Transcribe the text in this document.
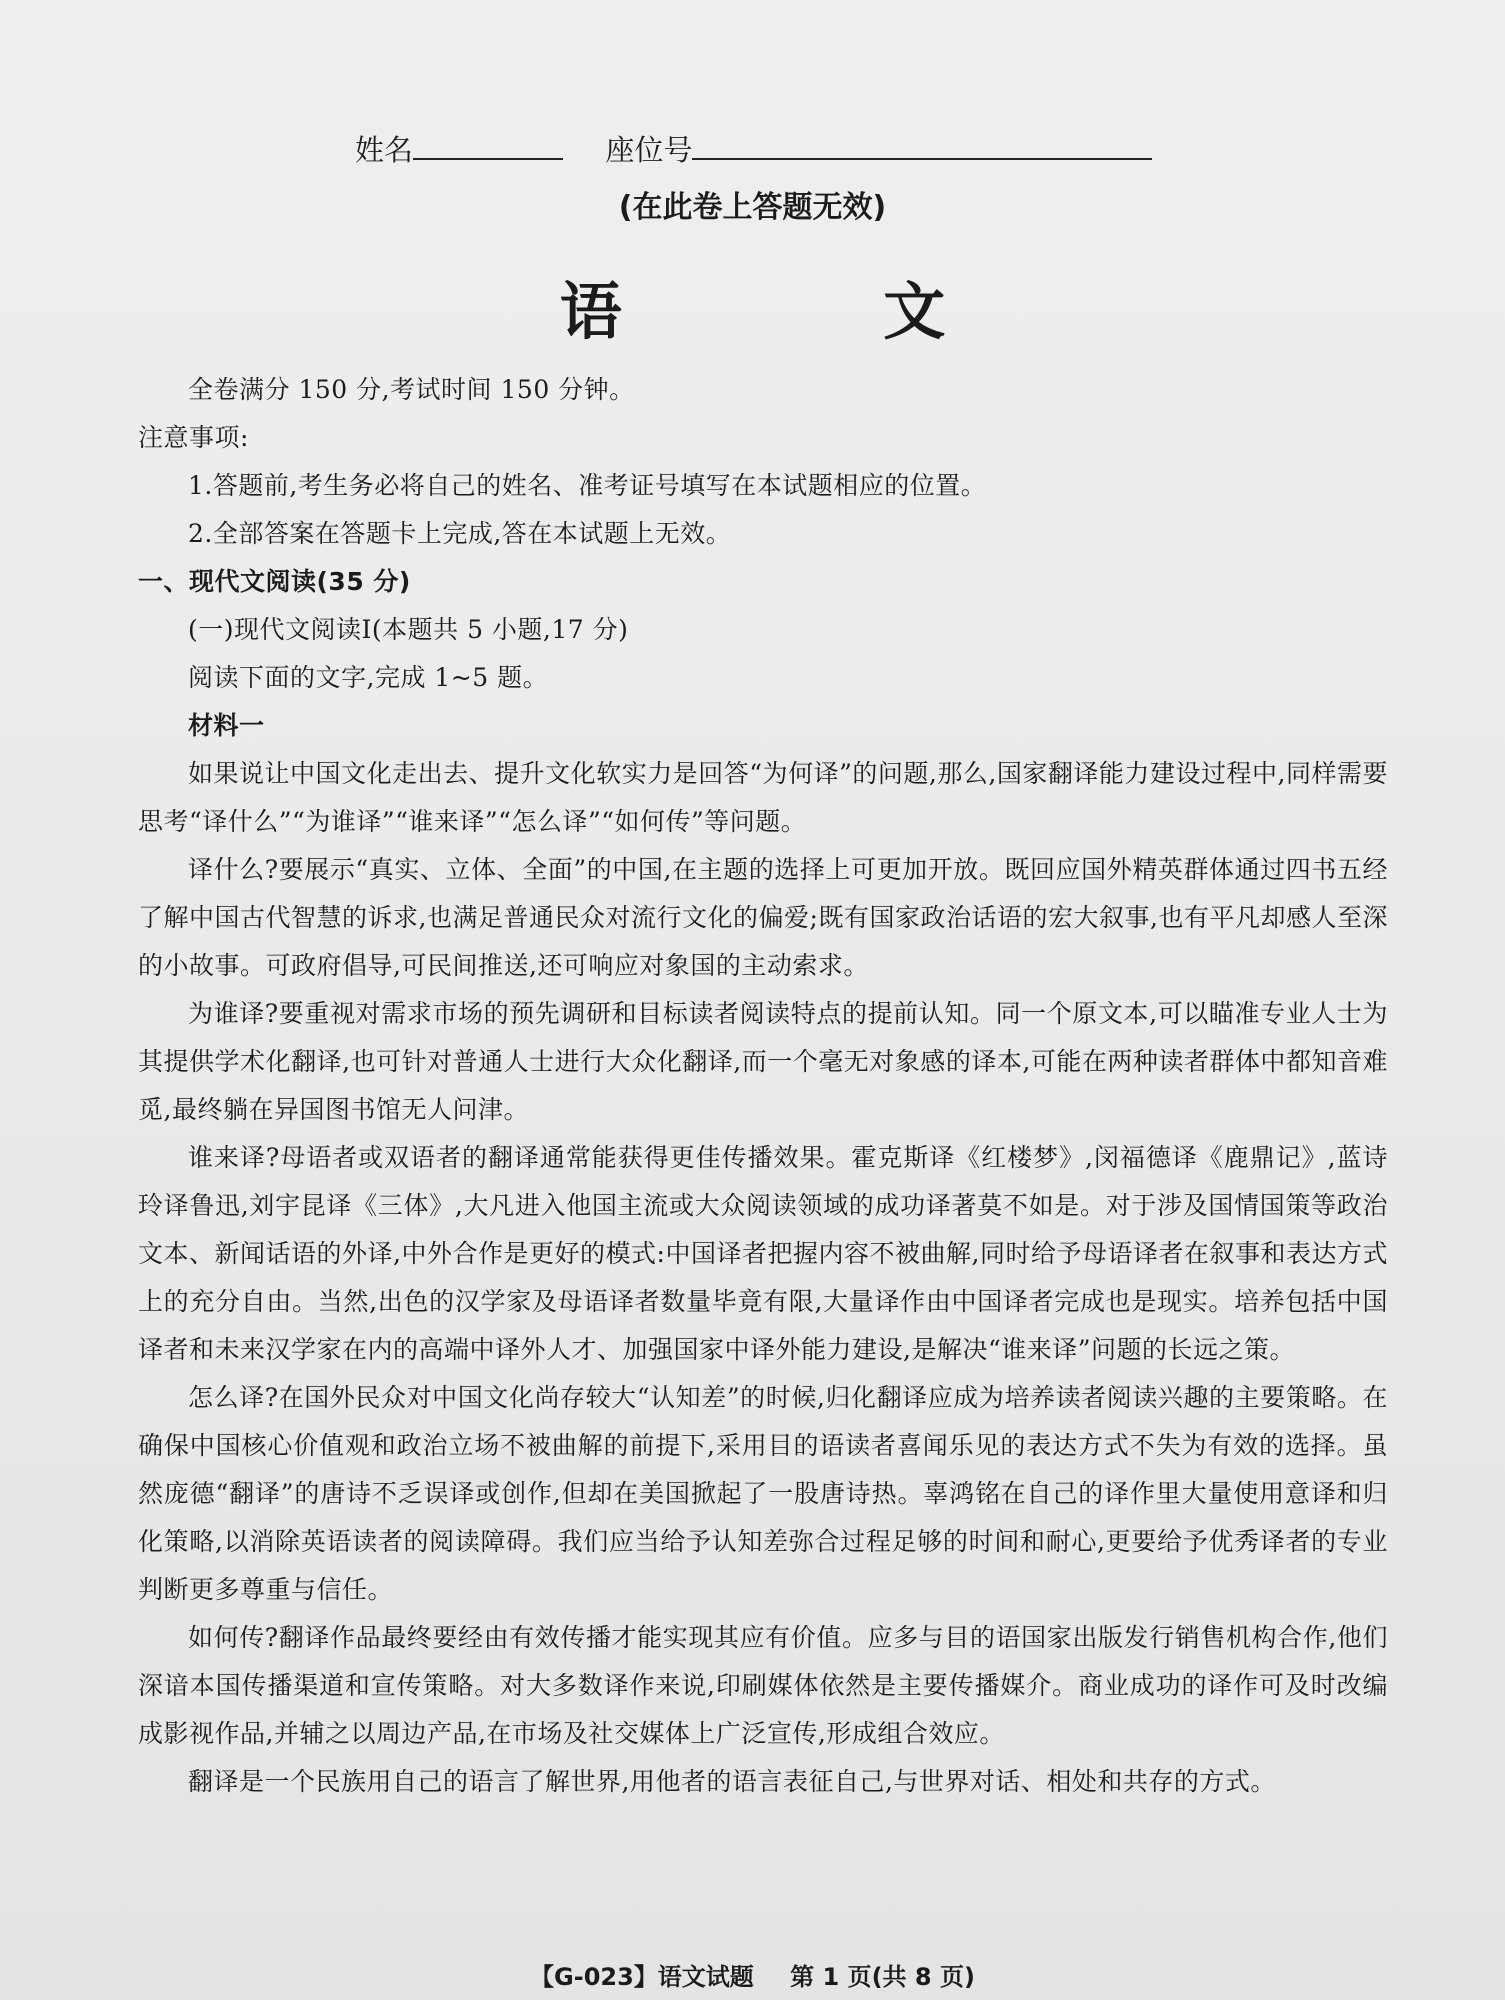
姓名	座位号
(在此卷上答题无效)
语 文

全卷满分 150 分,考试时间 150 分钟。

注意事项:

1.答题前,考生务必将自己的姓名、准考证号填写在本试题相应的位置。

2.全部答案在答题卡上完成,答在本试题上无效。

一、现代文阅读(35 分)

(一)现代文阅读Ⅰ(本题共 5 小题,17 分)

阅读下面的文字,完成 1~5 题。

材料一

如果说让中国文化走出去、提升文化软实力是回答“为何译”的问题,那么,国家翻译能力建设过程中,同样需要思考“译什么”“为谁译”“谁来译”“怎么译”“如何传”等问题。

译什么?要展示“真实、立体、全面”的中国,在主题的选择上可更加开放。既回应国外精英群体通过四书五经了解中国古代智慧的诉求,也满足普通民众对流行文化的偏爱;既有国家政治话语的宏大叙事,也有平凡却感人至深的小故事。可政府倡导,可民间推送,还可响应对象国的主动索求。

为谁译?要重视对需求市场的预先调研和目标读者阅读特点的提前认知。同一个原文本,可以瞄准专业人士为其提供学术化翻译,也可针对普通人士进行大众化翻译,而一个毫无对象感的译本,可能在两种读者群体中都知音难觅,最终躺在异国图书馆无人问津。

谁来译?母语者或双语者的翻译通常能获得更佳传播效果。霍克斯译《红楼梦》,闵福德译《鹿鼎记》,蓝诗玲译鲁迅,刘宇昆译《三体》,大凡进入他国主流或大众阅读领域的成功译著莫不如是。对于涉及国情国策等政治文本、新闻话语的外译,中外合作是更好的模式:中国译者把握内容不被曲解,同时给予母语译者在叙事和表达方式上的充分自由。当然,出色的汉学家及母语译者数量毕竟有限,大量译作由中国译者完成也是现实。培养包括中国译者和未来汉学家在内的高端中译外人才、加强国家中译外能力建设,是解决“谁来译”问题的长远之策。

怎么译?在国外民众对中国文化尚存较大“认知差”的时候,归化翻译应成为培养读者阅读兴趣的主要策略。在确保中国核心价值观和政治立场不被曲解的前提下,采用目的语读者喜闻乐见的表达方式不失为有效的选择。虽然庞德“翻译”的唐诗不乏误译或创作,但却在美国掀起了一股唐诗热。辜鸿铭在自己的译作里大量使用意译和归化策略,以消除英语读者的阅读障碍。我们应当给予认知差弥合过程足够的时间和耐心,更要给予优秀译者的专业判断更多尊重与信任。

如何传?翻译作品最终要经由有效传播才能实现其应有价值。应多与目的语国家出版发行销售机构合作,他们深谙本国传播渠道和宣传策略。对大多数译作来说,印刷媒体依然是主要传播媒介。商业成功的译作可及时改编成影视作品,并辅之以周边产品,在市场及社交媒体上广泛宣传,形成组合效应。

翻译是一个民族用自己的语言了解世界,用他者的语言表征自己,与世界对话、相处和共存的方式。

【G-023】语文试题 第 1 页(共 8 页)
